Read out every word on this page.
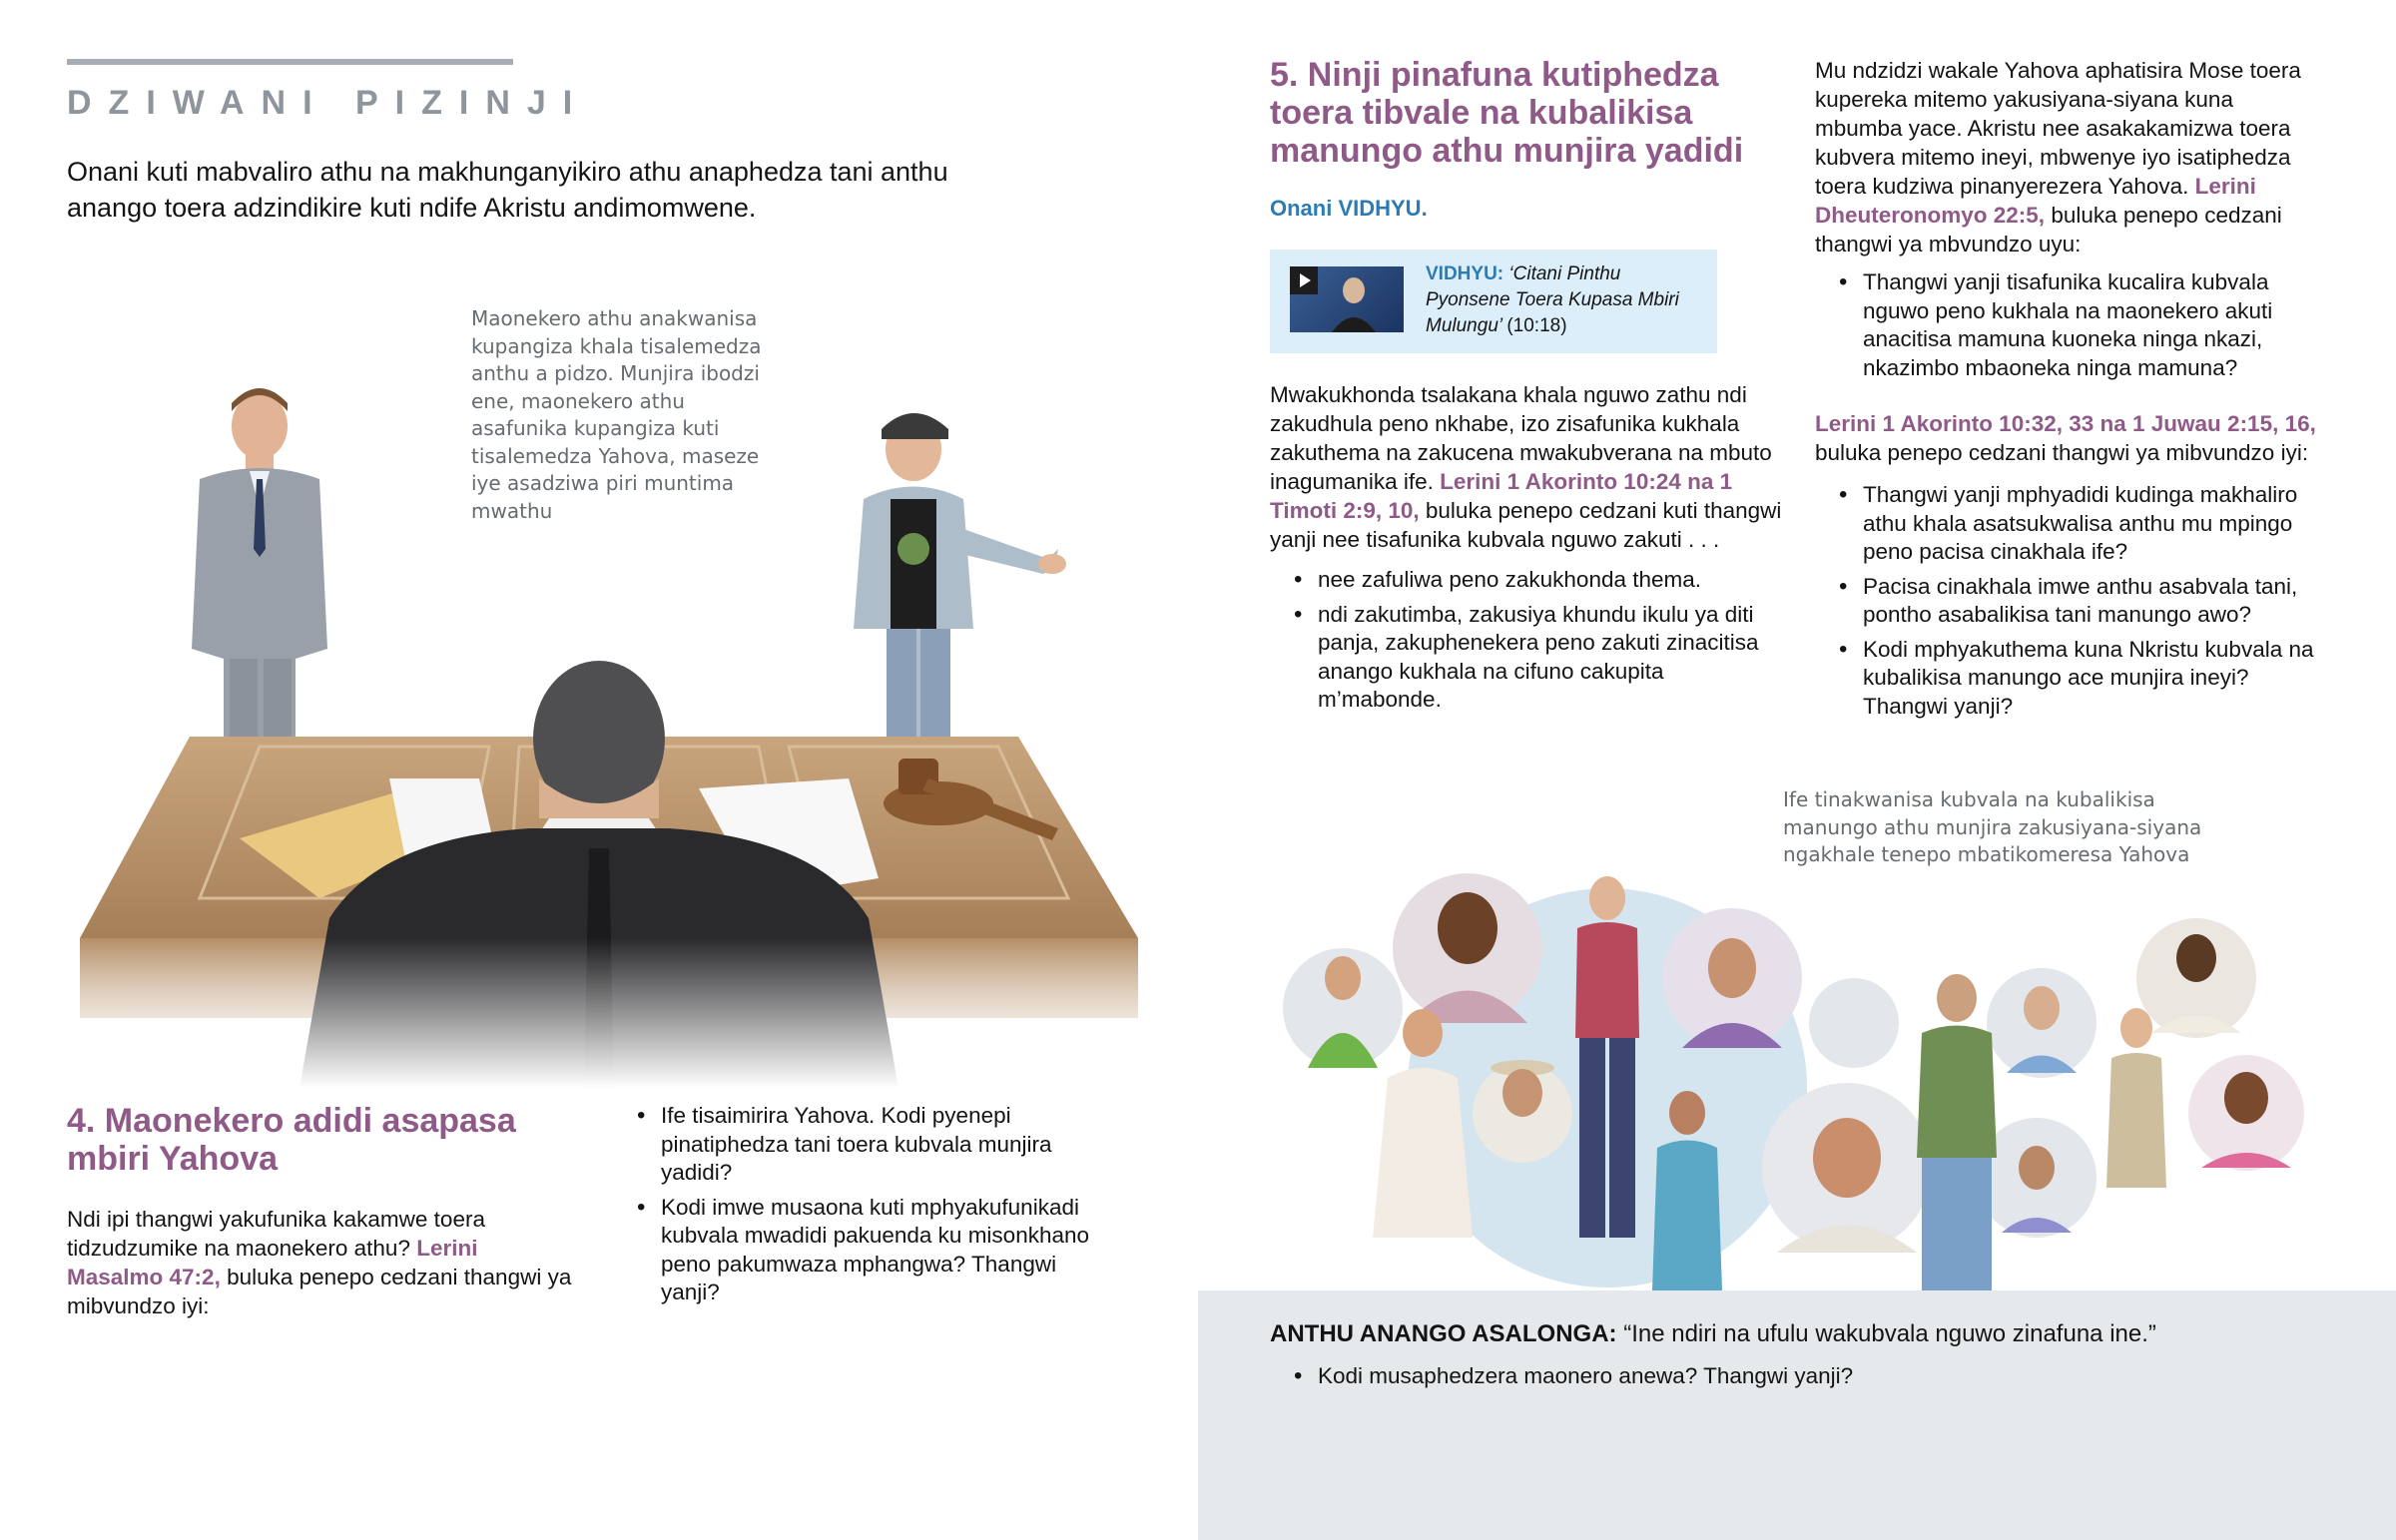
DZIWANI PIZINJI

Onani kuti mabvaliro athu na makhunganyikiro athu anaphedza tani anthu anango toera adzindikire kuti ndife Akristu andimomwene.

Maonekero athu anakwanisa kupangiza khala tisalemedza anthu a pidzo. Munjira ibodzi ene, maonekero athu asafunika kupangiza kuti tisalemedza Yahova, maseze iye asadziwa piri muntima mwathu

4. Maonekero adidi asapasa mbiri Yahova

Ndi ipi thangwi yakufunika kakamwe toera tidzudzumike na maonekero athu? Lerini Masalmo 47:2, buluka penepo cedzani thangwi ya mibvundzo iyi:

• Ife tisaimirira Yahova. Kodi pyenepi pinatiphedza tani toera kubvala munjira yadidi?
• Kodi imwe musaona kuti mphyakufunikadi kubvala mwadidi pakuenda ku misonkhano peno pakumwaza mphangwa? Thangwi yanji?
5. Ninji pinafuna kutiphedza toera tibvale na kubalikisa manungo athu munjira yadidi

Onani VIDHYU.

VIDHYU: ‘Citani Pinthu Pyonsene Toera Kupasa Mbiri Mulungu’ (10:18)

Mwakukhonda tsalakana khala nguwo zathu ndi zakudhula peno nkhabe, izo zisafunika kukhala zakuthema na zakucena mwakubverana na mbuto inagumanika ife. Lerini 1 Akorinto 10:24 na 1 Timoti 2:9, 10, buluka penepo cedzani kuti thangwi yanji nee tisafunika kubvala nguwo zakuti . . .

• nee zafuliwa peno zakukhonda thema.
• ndi zakutimba, zakusiya khundu ikulu ya diti panja, zakuphenekera peno zakuti zinacitisa anango kukhala na cifuno cakupita m’mabonde.

Mu ndzidzi wakale Yahova aphatisira Mose toera kupereka mitemo yakusiyana-siyana kuna mbumba yace. Akristu nee asakakamizwa toera kubvera mitemo ineyi, mbwenye iyo isatiphedza toera kudziwa pinanyerezera Yahova. Lerini Dheuteronomyo 22:5, buluka penepo cedzani thangwi ya mbvundzo uyu:

• Thangwi yanji tisafunika kucalira kubvala nguwo peno kukhala na maonekero akuti anacitisa mamuna kuoneka ninga nkazi, nkazimbo mbaoneka ninga mamuna?

Lerini 1 Akorinto 10:32, 33 na 1 Juwau 2:15, 16, buluka penepo cedzani thangwi ya mibvundzo iyi:

• Thangwi yanji mphyadidi kudinga makhaliro athu khala asatsukwalisa anthu mu mpingo peno pacisa cinakhala ife?
• Pacisa cinakhala imwe anthu asabvala tani, pontho asabalikisa tani manungo awo?
• Kodi mphyakuthema kuna Nkristu kubvala na kubalikisa manungo ace munjira ineyi? Thangwi yanji?

Ife tinakwanisa kubvala na kubalikisa manungo athu munjira zakusiyana-siyana ngakhale tenepo mbatikomeresa Yahova

ANTHU ANANGO ASALONGA: “Ine ndiri na ufulu wakubvala nguwo zinafuna ine.”

• Kodi musaphedzera maonero anewa? Thangwi yanji?
